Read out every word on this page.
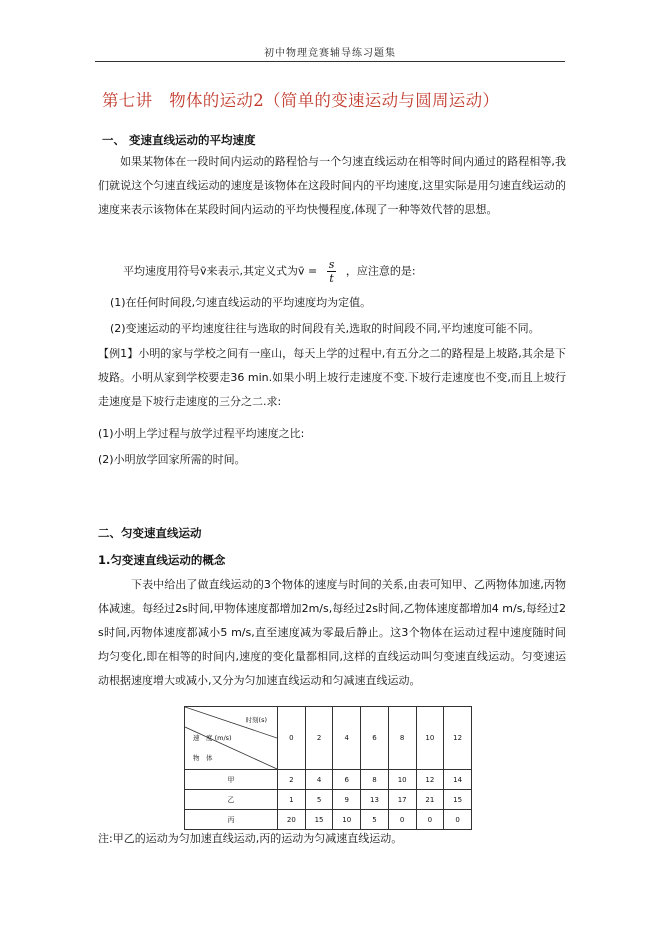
初中物理竞赛辅导练习题集
第七讲　物体的运动2（简单的变速运动与圆周运动）
一、 变速直线运动的平均速度

如果某物体在一段时间内运动的路程恰与一个匀速直线运动在相等时间内通过的路程相等,我们就说这个匀速直线运动的速度是该物体在这段时间内的平均速度,这里实际是用匀速直线运动的速度来表示该物体在某段时间内运动的平均快慢程度,体现了一种等效代替的思想。

平均速度用符号v̄来表示,其定义式为v̄ = $\frac{s}{t}$ ，应注意的是:
(1)在任何时间段,匀速直线运动的平均速度均为定值。
(2)变速运动的平均速度往往与选取的时间段有关,选取的时间段不同,平均速度可能不同。

【例1】小明的家与学校之间有一座山，每天上学的过程中,有五分之二的路程是上坡路,其余是下坡路。小明从家到学校要走36 min.如果小明上坡行走速度不变.下坡行走速度也不变,而且上坡行走速度是下坡行走速度的三分之二.求:

(1)小明上学过程与放学过程平均速度之比:
(2)小明放学回家所需的时间。
二、匀变速直线运动
1.匀变速直线运动的概念

下表中给出了做直线运动的3个物体的速度与时间的关系,由表可知甲、乙两物体加速,丙物体减速。每经过2s时间,甲物体速度都增加2m/s,每经过2s时间,乙物体速度都增加4 m/s,每经过2 s时间,丙物体速度都减小5 m/s,直至速度减为零最后静止。这3个物体在运动过程中速度随时间均匀变化,即在相等的时间内,速度的变化量都相同,这样的直线运动叫匀变速直线运动。匀变速运动根据速度增大或减小,又分为匀加速直线运动和匀减速直线运动。

时刻(s)
速　度 (m/s)
物　体	0	2	4	6	8	10	12
甲	2	4	6	8	10	12	14
乙	1	5	9	13	17	21	15
丙	20	15	10	5	0	0	0
注:甲乙的运动为匀加速直线运动,丙的运动为匀减速直线运动。
